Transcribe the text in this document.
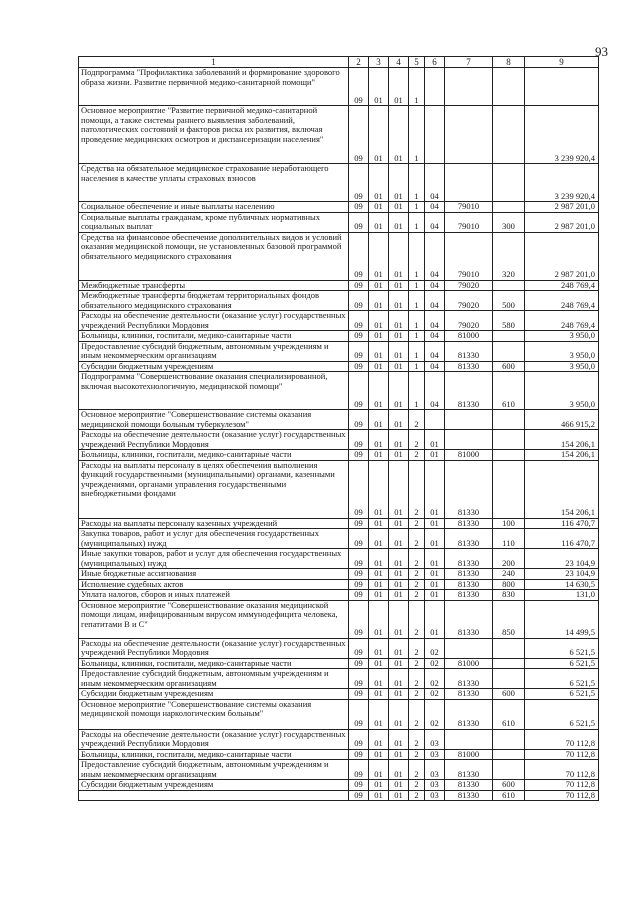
93
1	2	3	4	5	6	7	8	9
Подпрограмма "Профилактика заболеваний и формирование здорового образа жизни. Развитие первичной медико-санитарной помощи"	09	01	01	1				
Основное мероприятие "Развитие первичной медико-санитарной помощи, а также системы раннего выявления заболеваний, патологических состояний и факторов риска их развития, включая проведение медицинских осмотров и диспансеризации населения"	09	01	01	1				3 239 920,4
Средства на обязательное медицинское страхование неработающего населения в качестве уплаты страховых взносов	09	01	01	1	04			3 239 920,4
Социальное обеспечение и иные выплаты населению	09	01	01	1	04	79010		2 987 201,0
Социальные выплаты гражданам, кроме публичных нормативных социальных выплат	09	01	01	1	04	79010	300	2 987 201,0
Средства на финансовое обеспечение дополнительных видов и условий оказания медицинской помощи, не установленных базовой программой обязательного медицинского страхования	09	01	01	1	04	79010	320	2 987 201,0
Межбюджетные трансферты	09	01	01	1	04	79020		248 769,4
Межбюджетные трансферты бюджетам территориальных фондов обязательного медицинского страхования	09	01	01	1	04	79020	500	248 769,4
Расходы на обеспечение деятельности (оказание услуг) государственных учреждений Республики Мордовия	09	01	01	1	04	79020	580	248 769,4
Больницы, клиники, госпитали, медико-санитарные части	09	01	01	1	04	81000		3 950,0
Предоставление субсидий бюджетным, автономным учреждениям и иным некоммерческим организациям	09	01	01	1	04	81330		3 950,0
Субсидии бюджетным учреждениям	09	01	01	1	04	81330	600	3 950,0
Подпрограмма "Совершенствование оказания специализированной, включая высокотехнологичную, медицинской помощи"	09	01	01	1	04	81330	610	3 950,0
Основное мероприятие "Совершенствование системы оказания медицинской помощи больным туберкулезом"	09	01	01	2				466 915,2
Расходы на обеспечение деятельности (оказание услуг) государственных учреждений Республики Мордовия	09	01	01	2	01			154 206,1
Больницы, клиники, госпитали, медико-санитарные части	09	01	01	2	01	81000		154 206,1
Расходы на выплаты персоналу в целях обеспечения выполнения функций государственными (муниципальными) органами, казенными учреждениями, органами управления государственными внебюджетными фондами	09	01	01	2	01	81330		154 206,1
Расходы на выплаты персоналу казенных учреждений	09	01	01	2	01	81330	100	116 470,7
Закупка товаров, работ и услуг для обеспечения государственных (муниципальных) нужд	09	01	01	2	01	81330	110	116 470,7
Иные закупки товаров, работ и услуг для обеспечения государственных (муниципальных) нужд	09	01	01	2	01	81330	200	23 104,9
Иные бюджетные ассигнования	09	01	01	2	01	81330	240	23 104,9
Исполнение судебных актов	09	01	01	2	01	81330	800	14 630,5
Уплата налогов, сборов и иных платежей	09	01	01	2	01	81330	830	131,0
Основное мероприятие "Совершенствование оказания медицинской помощи лицам, инфицированным вирусом иммунодефицита человека, гепатитами В и С"	09	01	01	2	01	81330	850	14 499,5
Расходы на обеспечение деятельности (оказание услуг) государственных учреждений Республики Мордовия	09	01	01	2	02			6 521,5
Больницы, клиники, госпитали, медико-санитарные части	09	01	01	2	02	81000		6 521,5
Предоставление субсидий бюджетным, автономным учреждениям и иным некоммерческим организациям	09	01	01	2	02	81330		6 521,5
Субсидии бюджетным учреждениям	09	01	01	2	02	81330	600	6 521,5
Основное мероприятие "Совершенствование системы оказания медицинской помощи наркологическим больным"	09	01	01	2	02	81330	610	6 521,5
Расходы на обеспечение деятельности (оказание услуг) государственных учреждений Республики Мордовия	09	01	01	2	03			70 112,8
Больницы, клиники, госпитали, медико-санитарные части	09	01	01	2	03	81000		70 112,8
Предоставление субсидий бюджетным, автономным учреждениям и иным некоммерческим организациям	09	01	01	2	03	81330		70 112,8
Субсидии бюджетным учреждениям	09	01	01	2	03	81330	600	70 112,8
	09	01	01	2	03	81330	610	70 112,8
